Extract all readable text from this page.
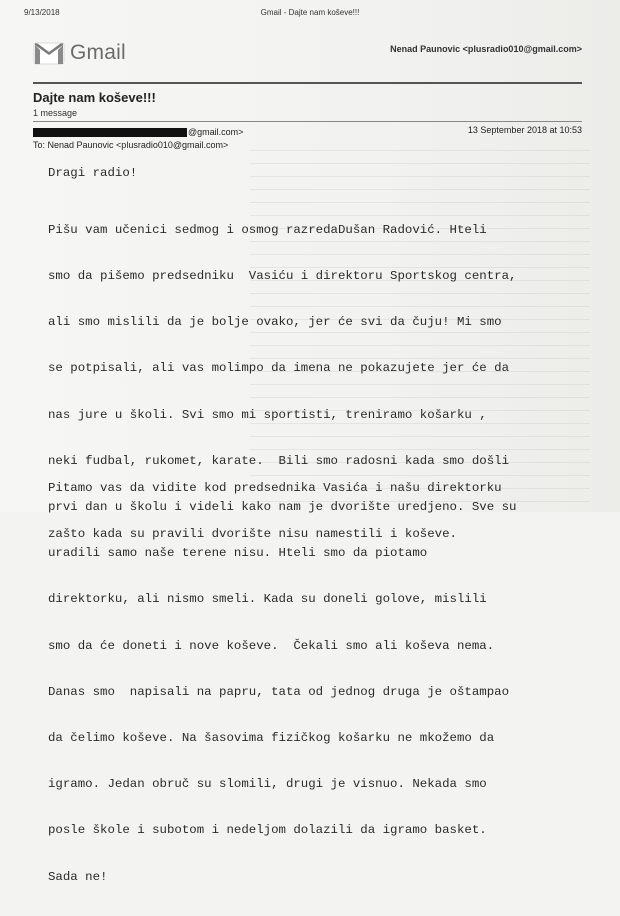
9/13/2018	Gmail - Dajte nam koševe!!!
Gmail	Nenad Paunovic <plusradio010@gmail.com>
Dajte nam koševe!!!
1 message
@gmail.com>	13 September 2018 at 10:53
To: Nenad Paunovic <plusradio010@gmail.com>
Dragi radio!

Pišu vam učenici sedmog i osmog razredaDušan Radović. Hteli

smo da pišemo predsedniku  Vasiću i direktoru Sportskog centra,

ali smo mislili da je bolje ovako, jer će svi da čuju! Mi smo

se potpisali, ali vas molimpo da imena ne pokazujete jer će da

nas jure u školi. Svi smo mi sportisti, treniramo košarku ,

neki fudbal, rukomet, karate.  Bili smo radosni kada smo došli

prvi dan u školu i videli kako nam je dvorište uredjeno. Sve su

uradili samo naše terene nisu. Hteli smo da piotamo

direktorku, ali nismo smeli. Kada su doneli golove, mislili

smo da će doneti i nove koševe.  Čekali smo ali koševa nema.

Danas smo  napisali na papru, tata od jednog druga je oštampao

da čelimo koševe. Na šasovima fizičkog košarku ne mkožemo da

igramo. Jedan obruč su slomili, drugi je visnuo. Nekada smo

posle škole i subotom i nedeljom dolazili da igramo basket.

Sada ne!

Pitamo vas da vidite kod predsednika Vasića i našu direktorku

zašto kada su pravili dvorište nisu namestili i koševe.
